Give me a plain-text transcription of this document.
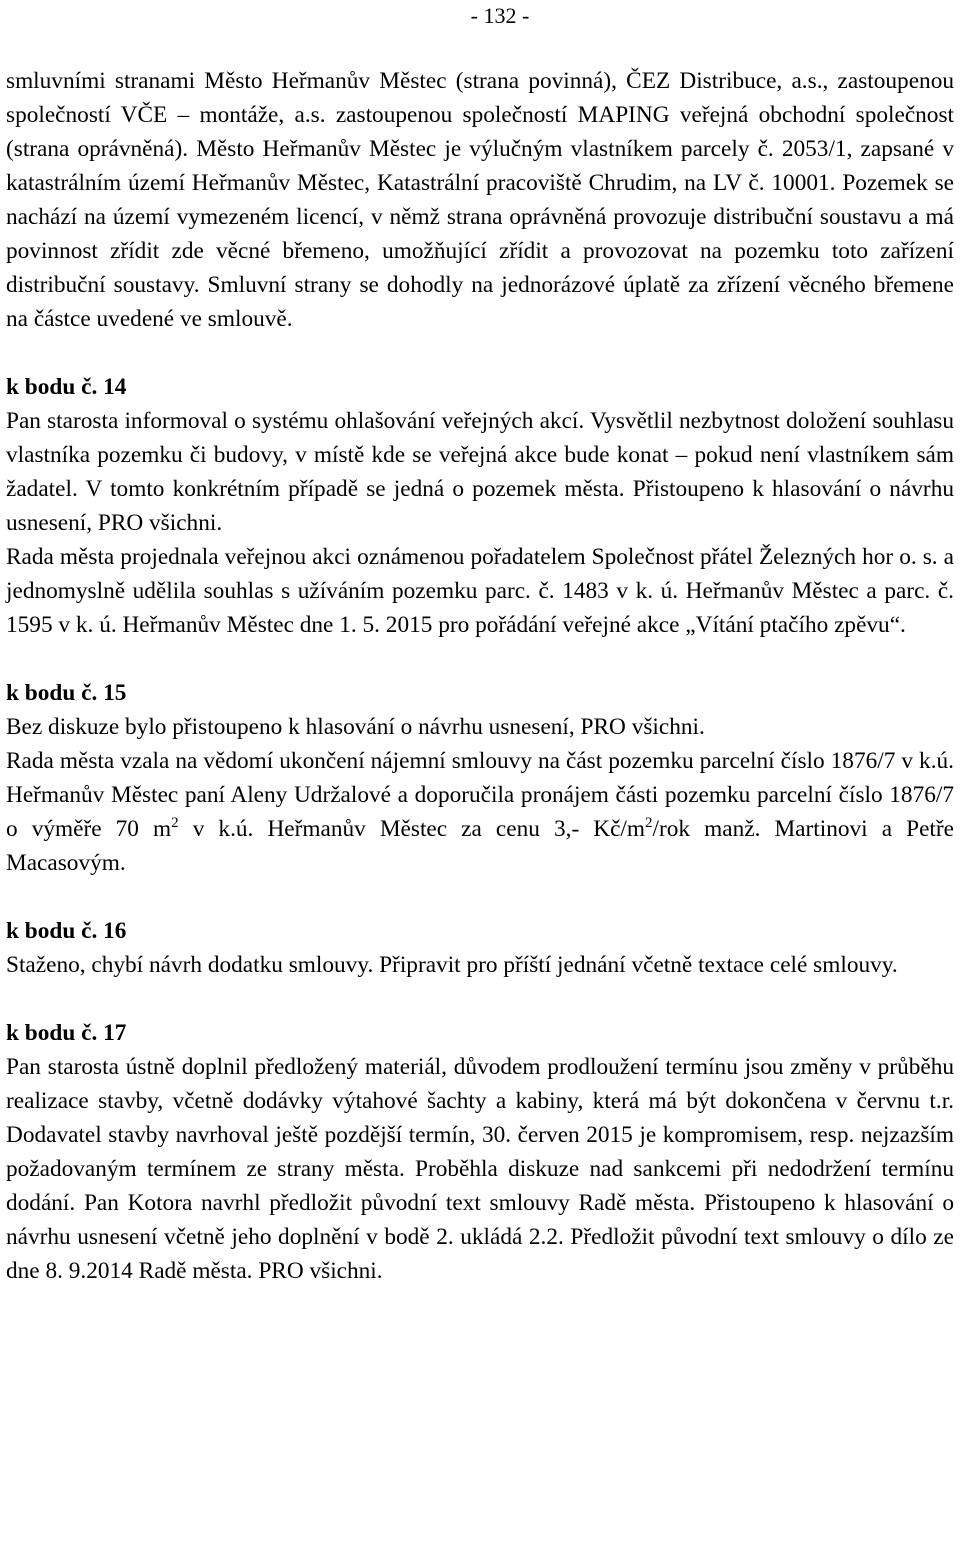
- 132 -

smluvními stranami Město Heřmanův Městec (strana povinná), ČEZ Distribuce, a.s., zastoupenou společností VČE – montáže, a.s. zastoupenou společností MAPING veřejná obchodní společnost (strana oprávněná). Město Heřmanův Městec je výlučným vlastníkem parcely č. 2053/1, zapsané v katastrálním území Heřmanův Městec, Katastrální pracoviště Chrudim, na LV č. 10001. Pozemek se nachází na území vymezeném licencí, v němž strana oprávněná provozuje distribuční soustavu a má povinnost zřídit zde věcné břemeno, umožňující zřídit a provozovat na pozemku toto zařízení distribuční soustavy. Smluvní strany se dohodly na jednorázové úplatě za zřízení věcného břemene na částce uvedené ve smlouvě.

k bodu č. 14

Pan starosta informoval o systému ohlašování veřejných akcí. Vysvětlil nezbytnost doložení souhlasu vlastníka pozemku či budovy, v místě kde se veřejná akce bude konat – pokud není vlastníkem sám žadatel. V tomto konkrétním případě se jedná o pozemek města. Přistoupeno k hlasování o návrhu usnesení, PRO všichni.

Rada města projednala veřejnou akci oznámenou pořadatelem Společnost přátel Železných hor o. s. a jednomyslně udělila souhlas s užíváním pozemku parc. č. 1483 v k. ú. Heřmanův Městec a parc. č. 1595 v k. ú. Heřmanův Městec dne 1. 5. 2015 pro pořádání veřejné akce „Vítání ptačího zpěvu“.

k bodu č. 15

Bez diskuze bylo přistoupeno k hlasování o návrhu usnesení, PRO všichni.

Rada města vzala na vědomí ukončení nájemní smlouvy na část pozemku parcelní číslo 1876/7 v k.ú. Heřmanův Městec paní Aleny Udržalové a doporučila pronájem části pozemku parcelní číslo 1876/7 o výměře 70 $m^2$ v k.ú. Heřmanův Městec za cenu 3,- $Kč/m^2$/rok manž. Martinovi a Petře Macasovým.

k bodu č. 16

Staženo, chybí návrh dodatku smlouvy. Připravit pro příští jednání včetně textace celé smlouvy.

k bodu č. 17

Pan starosta ústně doplnil předložený materiál, důvodem prodloužení termínu jsou změny v průběhu realizace stavby, včetně dodávky výtahové šachty a kabiny, která má být dokončena v červnu t.r. Dodavatel stavby navrhoval ještě pozdější termín, 30. červen 2015 je kompromisem, resp. nejzazším požadovaným termínem ze strany města. Proběhla diskuze nad sankcemi při nedodržení termínu dodání. Pan Kotora navrhl předložit původní text smlouvy Radě města. Přistoupeno k hlasování o návrhu usnesení včetně jeho doplnění v bodě 2. ukládá 2.2. Předložit původní text smlouvy o dílo ze dne 8. 9.2014 Radě města. PRO všichni.
